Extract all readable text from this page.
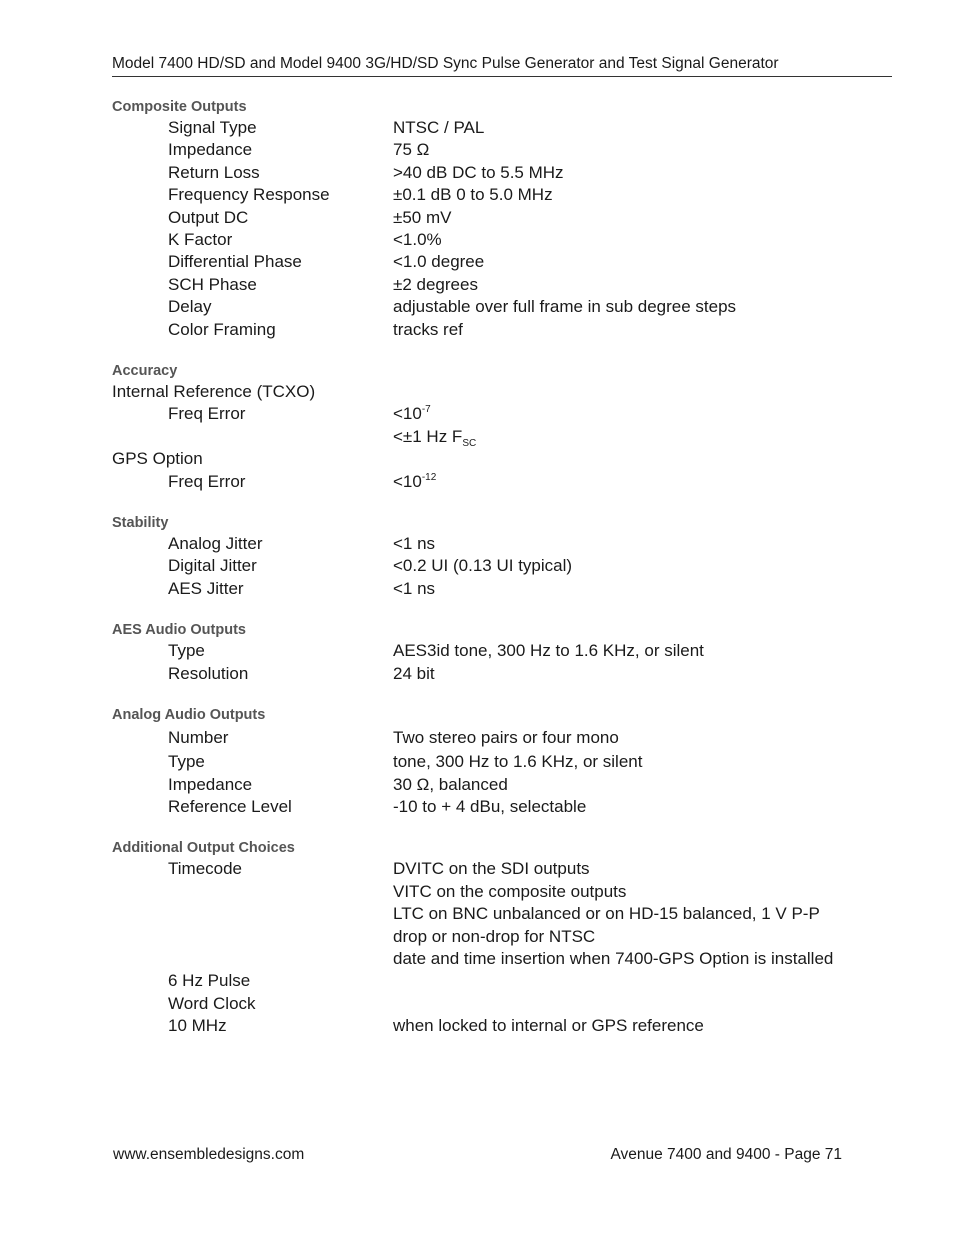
Model 7400 HD/SD and Model 9400 3G/HD/SD Sync Pulse Generator and Test Signal Generator
Composite Outputs
Signal Type	NTSC / PAL
Impedance	75 Ω
Return Loss	>40 dB DC to 5.5 MHz
Frequency Response	±0.1 dB 0 to 5.0 MHz
Output DC	±50 mV
K Factor	<1.0%
Differential Phase	<1.0 degree
SCH Phase	±2 degrees
Delay	adjustable over full frame in sub degree steps
Color Framing	tracks ref
Accuracy
Internal Reference (TCXO)
Freq Error	$<10^{-7}$
<±1 Hz $F_{SC}$
GPS Option
Freq Error	$<10^{-12}$
Stability
Analog Jitter	<1 ns
Digital Jitter	<0.2 UI (0.13 UI typical)
AES Jitter	<1 ns
AES Audio Outputs
Type	AES3id tone, 300 Hz to 1.6 KHz, or silent
Resolution	24 bit
Analog Audio Outputs
Number	Two stereo pairs or four mono
Type	tone, 300 Hz to 1.6 KHz, or silent
Impedance	30 Ω, balanced
Reference Level	-10 to + 4 dBu, selectable
Additional Output Choices
Timecode	DVITC on the SDI outputs
VITC on the composite outputs
LTC on BNC unbalanced or on HD-15 balanced, 1 V P-P
drop or non-drop for NTSC
date and time insertion when 7400-GPS Option is installed
6 Hz Pulse
Word Clock
10 MHz	when locked to internal or GPS reference
www.ensembledesigns.com	Avenue 7400 and 9400 - Page 71
